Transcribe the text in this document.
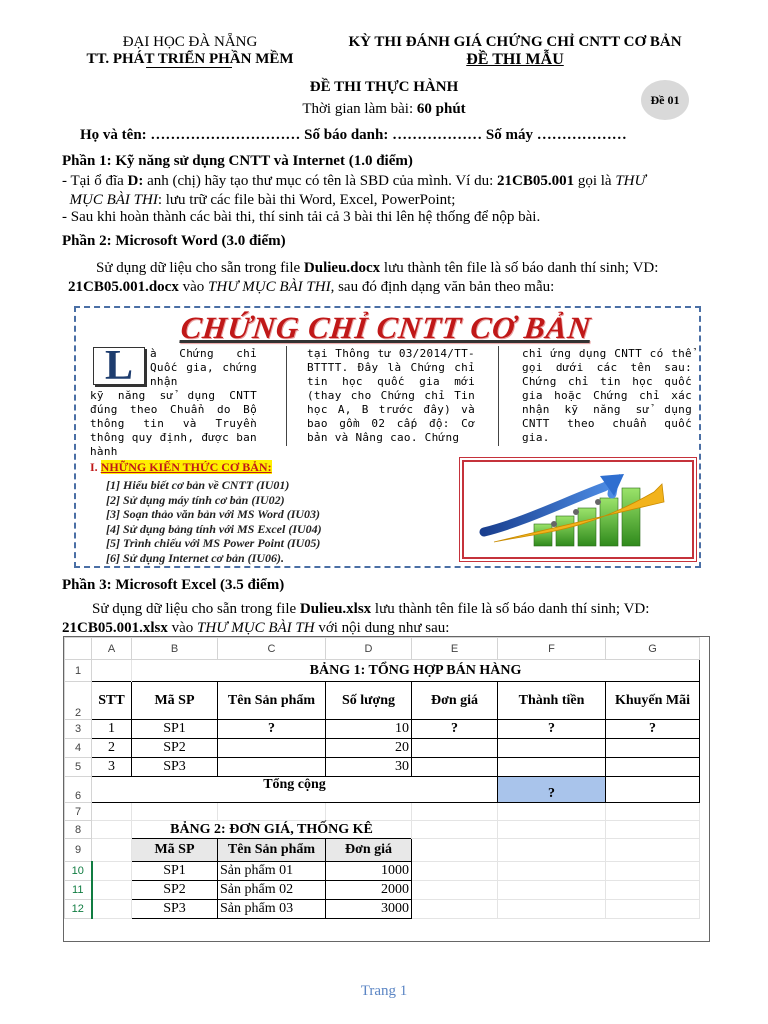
ĐẠI HỌC ĐÀ NẴNG
TT. PHÁT TRIỂN PHẦN MỀM
KỲ THI ĐÁNH GIÁ CHỨNG CHỈ CNTT CƠ BẢN
ĐỀ THI MẪU
ĐỀ THI THỰC HÀNH
Thời gian làm bài: 60 phút
Đề 01
Họ và tên: ………………………… Số báo danh: ……………… Số máy ………………
Phần 1: Kỹ năng sử dụng CNTT và Internet (1.0 điểm)
- Tại ổ đĩa D: anh (chị) hãy tạo thư mục có tên là SBD của mình. Ví du: 21CB05.001 gọi là THƯ
MỤC BÀI THI: lưu trữ các file bài thi Word, Excel, PowerPoint;
- Sau khi hoàn thành các bài thi, thí sinh tải cả 3 bài thi lên hệ thống để nộp bài.
Phần 2: Microsoft Word (3.0 điểm)
Sử dụng dữ liệu cho sẵn trong file Dulieu.docx lưu thành tên file là số báo danh thí sinh; VD:
21CB05.001.docx vào THƯ MỤC BÀI THI, sau đó định dạng văn bản theo mẫu:
CHỨNG CHỈ CNTT CƠ BẢN
L	à Chứng chỉ Quốc gia, chứng nhận
kỹ năng sử dụng CNTT đúng theo Chuẩn do Bộ thông tin và Truyền thông quy định, được ban hành
tại Thông tư 03/2014/TT-BTTTT. Đây là Chứng chỉ tin học quốc gia mới (thay cho Chứng chỉ Tin học A, B trước đây) và bao gồm 02 cấp độ: Cơ bản và Nâng cao. Chứng
chỉ ứng dụng CNTT có thể gọi dưới các tên sau: Chứng chỉ tin học quốc gia hoặc Chứng chỉ xác nhận kỹ năng sử dụng CNTT theo chuẩn quốc gia.
I. NHỮNG KIẾN THỨC CƠ BẢN:
[1] Hiểu biết cơ bản về CNTT (IU01)
[2] Sử dụng máy tính cơ bản (IU02)
[3] Soạn thảo văn bản với MS Word (IU03)
[4] Sử dụng bảng tính với MS Excel (IU04)
[5] Trình chiếu với MS Power Point (IU05)
[6] Sử dụng Internet cơ bản (IU06).
Phần 3: Microsoft Excel (3.5 điểm)
Sử dụng dữ liệu cho sẵn trong file Dulieu.xlsx lưu thành tên file là số báo danh thí sinh; VD:
21CB05.001.xlsx vào THƯ MỤC BÀI TH với nội dung như sau:
	A	B	C	D	E	F	G
1		BẢNG 1: TỔNG HỢP BÁN HÀNG					
2	STT	Mã SP	Tên Sản phẩm	Số lượng	Đơn giá	Thành tiền	Khuyến Mãi
3	1	SP1	?	10	?	?	?
4	2	SP2		20			
5	3	SP3		30			
6	Tổng cộng					?	
7							
8		BẢNG 2: ĐƠN GIÁ, THỐNG KÊ					
9		Mã SP	Tên Sản phẩm	Đơn giá			
10		SP1	Sản phẩm 01	1000			
11		SP2	Sản phẩm 02	2000			
12		SP3	Sản phẩm 03	3000			
Trang 1
